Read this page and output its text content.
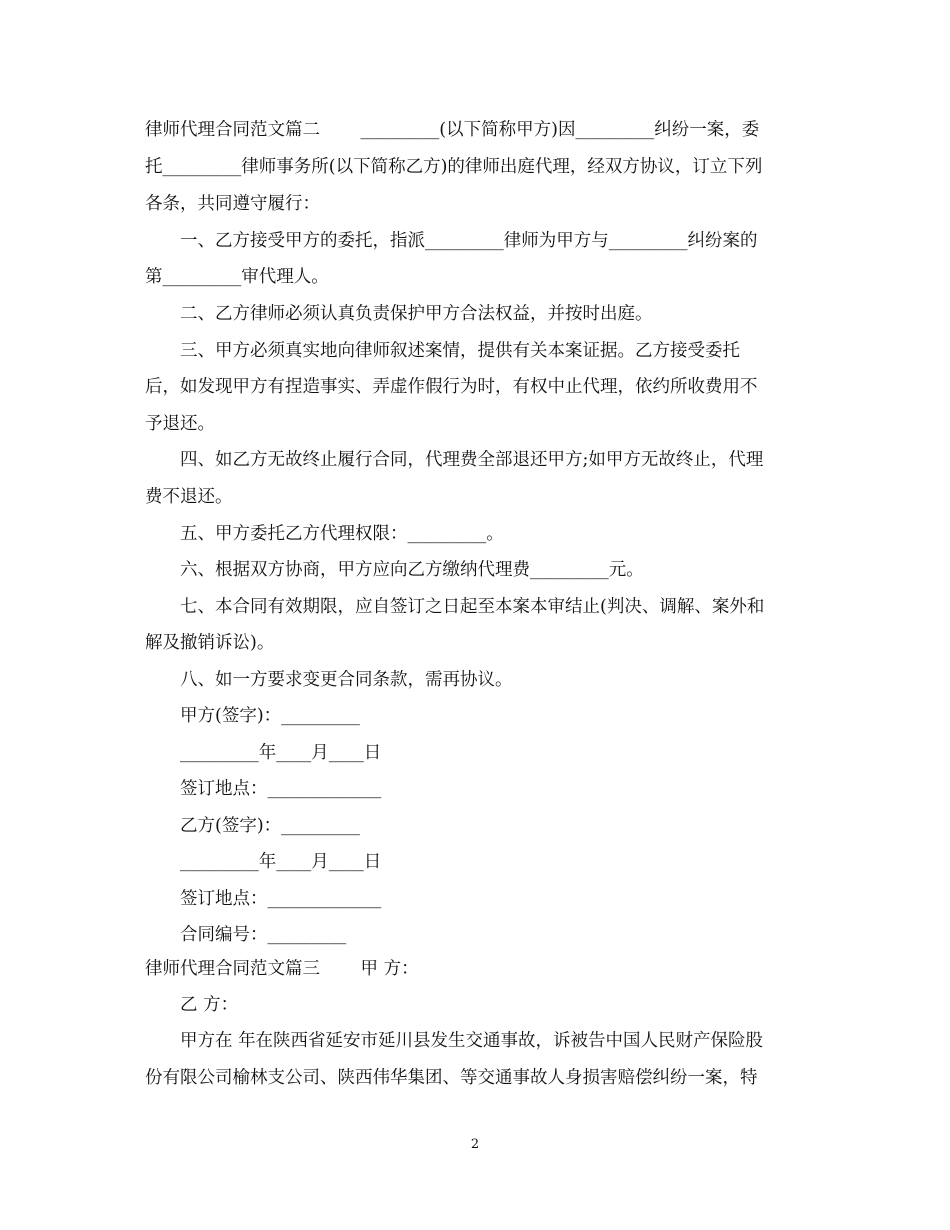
律师代理合同范文篇二　　 _________(以下简称甲方)因_________纠纷一案，委
托_________律师事务所(以下简称乙方)的律师出庭代理，经双方协议，订立下列
各条，共同遵守履行：
一、乙方接受甲方的委托，指派_________律师为甲方与_________纠纷案的
第_________审代理人。
二、乙方律师必须认真负责保护甲方合法权益，并按时出庭。
三、甲方必须真实地向律师叙述案情，提供有关本案证据。乙方接受委托
后，如发现甲方有捏造事实、弄虚作假行为时，有权中止代理，依约所收费用不
予退还。
四、如乙方无故终止履行合同，代理费全部退还甲方;如甲方无故终止，代理
费不退还。
五、甲方委托乙方代理权限：_________。
六、根据双方协商，甲方应向乙方缴纳代理费_________元。
七、本合同有效期限，应自签订之日起至本案本审结止(判决、调解、案外和
解及撤销诉讼)。
八、如一方要求变更合同条款，需再协议。
甲方(签字)：_________
_________年____月____日
签订地点：_____________
乙方(签字)：_________
_________年____月____日
签订地点：_____________
合同编号：_________
律师代理合同范文篇三　　 甲 方：
乙 方：
甲方在 年在陕西省延安市延川县发生交通事故，诉被告中国人民财产保险股
份有限公司榆林支公司、陕西伟华集团、等交通事故人身损害赔偿纠纷一案，特
2
